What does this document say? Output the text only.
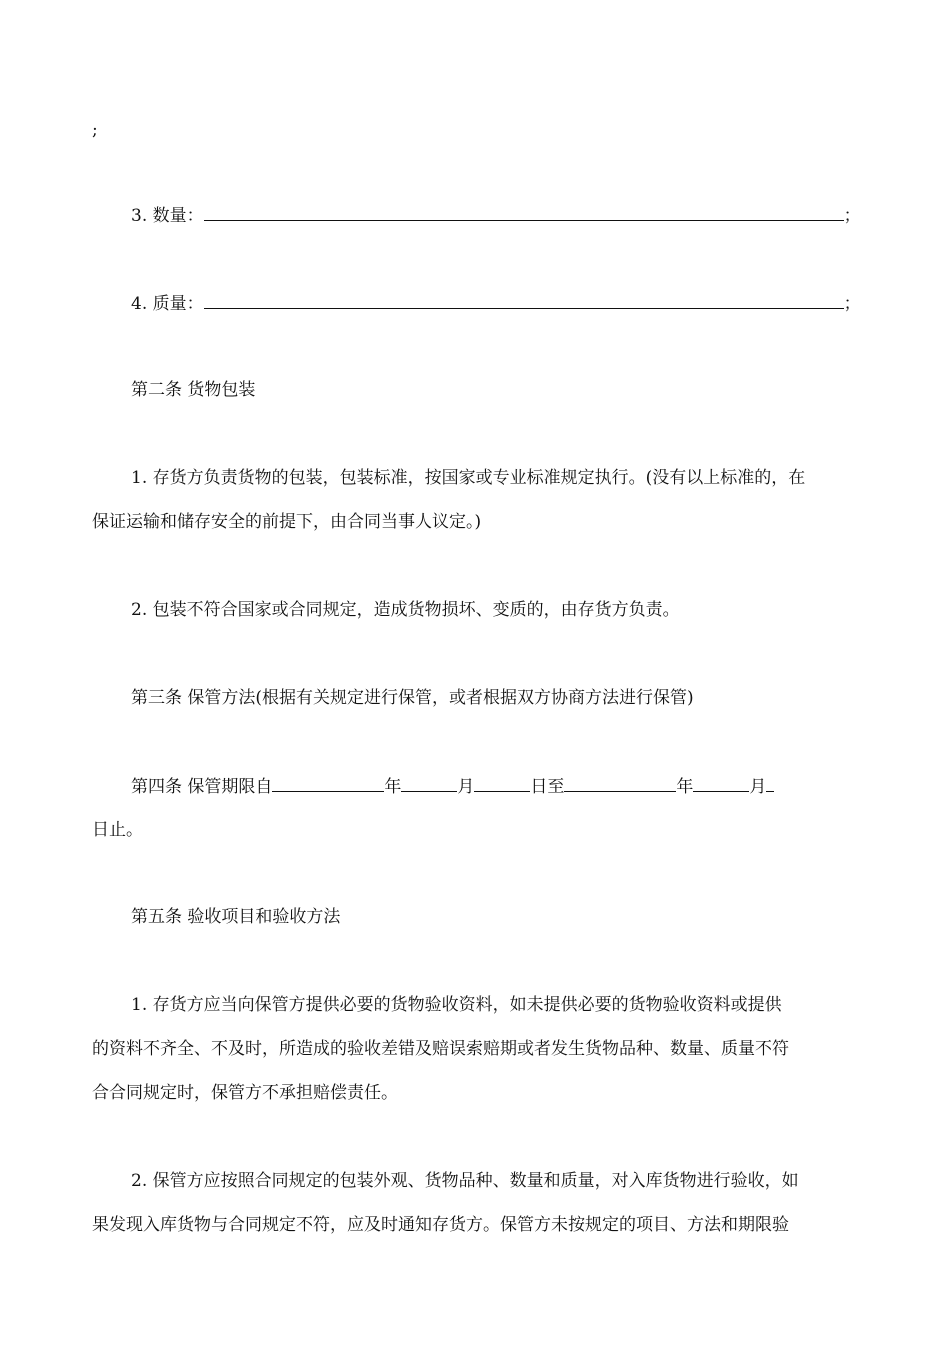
;
3. 数量：	；
4. 质量：	；
第二条 货物包装
1. 存货方负责货物的包装，包装标准，按国家或专业标准规定执行。(没有以上标准的，在
保证运输和储存安全的前提下，由合同当事人议定。)
2. 包装不符合国家或合同规定，造成货物损坏、变质的，由存货方负责。
第三条 保管方法(根据有关规定进行保管，或者根据双方协商方法进行保管)
第四条 保管期限自	年	月	日至	年	月
日止。
第五条 验收项目和验收方法
1. 存货方应当向保管方提供必要的货物验收资料，如未提供必要的货物验收资料或提供
的资料不齐全、不及时，所造成的验收差错及赔误索赔期或者发生货物品种、数量、质量不符
合合同规定时，保管方不承担赔偿责任。
2. 保管方应按照合同规定的包装外观、货物品种、数量和质量，对入库货物进行验收，如
果发现入库货物与合同规定不符，应及时通知存货方。保管方未按规定的项目、方法和期限验
